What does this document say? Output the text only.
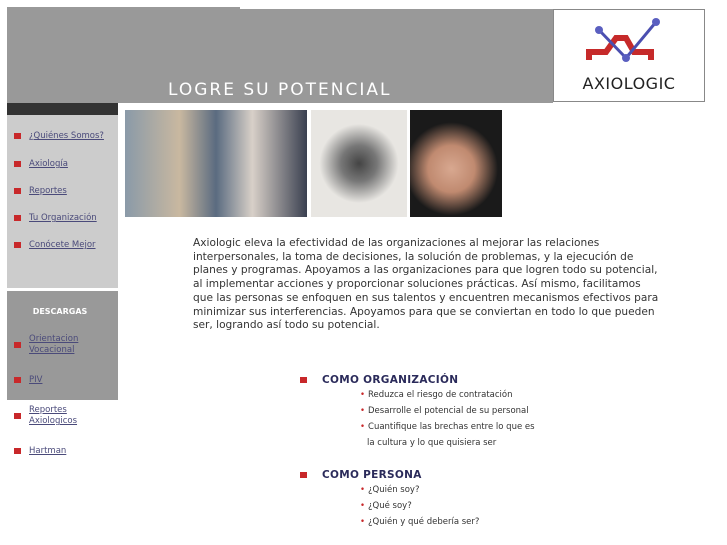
LOGRE SU POTENCIAL	AXIOLOGIC
¿Quiénes Somos?
Axiología
Reportes
Tu Organización
Conócete Mejor
DESCARGAS
Orientacion
Vocacional
PIV
Reportes
Axiologicos
Hartman
Axiologic eleva la efectividad de las organizaciones al mejorar las relaciones interpersonales, la toma de decisiones, la solución de problemas, y la ejecución de planes y programas. Apoyamos a las organizaciones para que logren todo su potencial, al implementar acciones y proporcionar soluciones prácticas. Así mismo, facilitamos que las personas se enfoquen en sus talentos y encuentren mecanismos efectivos para minimizar sus interferencias. Apoyamos para que se conviertan en todo lo que pueden ser, logrando así todo su potencial.
COMO ORGANIZACIÓN
• Reduzca el riesgo de contratación
• Desarrolle el potencial de su personal
• Cuantifique las brechas entre lo que es
la cultura y lo que quisiera ser
COMO PERSONA
• ¿Quién soy?
• ¿Qué soy?
• ¿Quién y qué debería ser?
